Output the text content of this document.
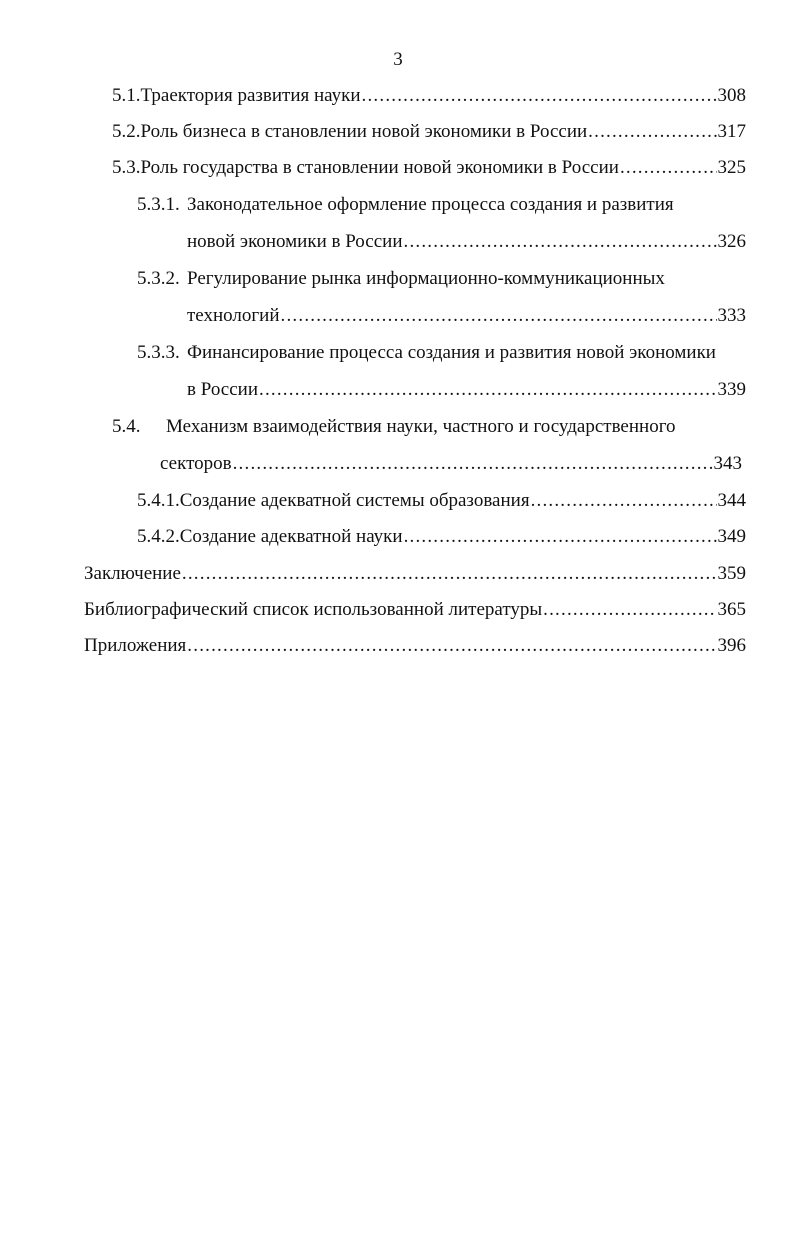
3
5.1. Траектория развития науки .....	308
5.2. Роль бизнеса в становлении новой экономики в России .....	317
5.3. Роль государства в становлении новой экономики в России .....	325
5.3.1. Законодательное оформление процесса создания и развития
новой экономики в России .....	326
5.3.2. Регулирование рынка информационно-коммуникационных
технологий .....	333
5.3.3. Финансирование процесса создания и развития новой экономики
в России .....	339
5.4.	Механизм взаимодействия науки, частного и государственного
секторов .....	343
5.4.1. Создание адекватной системы образования .....	344
5.4.2. Создание адекватной науки .....	349
Заключение .....	359
Библиографический список использованной литературы .....	365
Приложения .....	396
